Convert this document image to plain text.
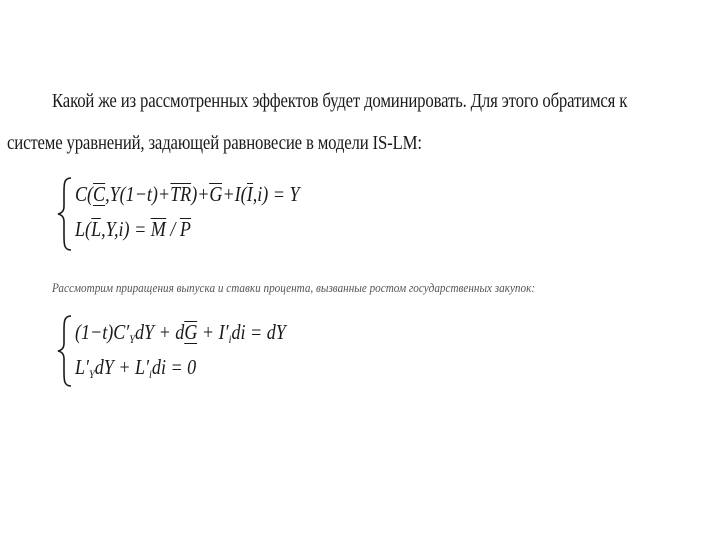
Какой же из рассмотренных эффектов будет доминировать. Для этого обратимся к
системе уравнений, задающей равновесие в модели IS-LM:
C(C,Y(1−t)+TR)+G+I(I,i) = Y
L(L,Y,i) = M / P
Рассмотрим приращения выпуска и ставки процента, вызванные ростом государственных закупок:
$(1-t)C'_YdY$ + dG + $I'_idi$ = dY
$L'_YdY + L'_idi = 0$
